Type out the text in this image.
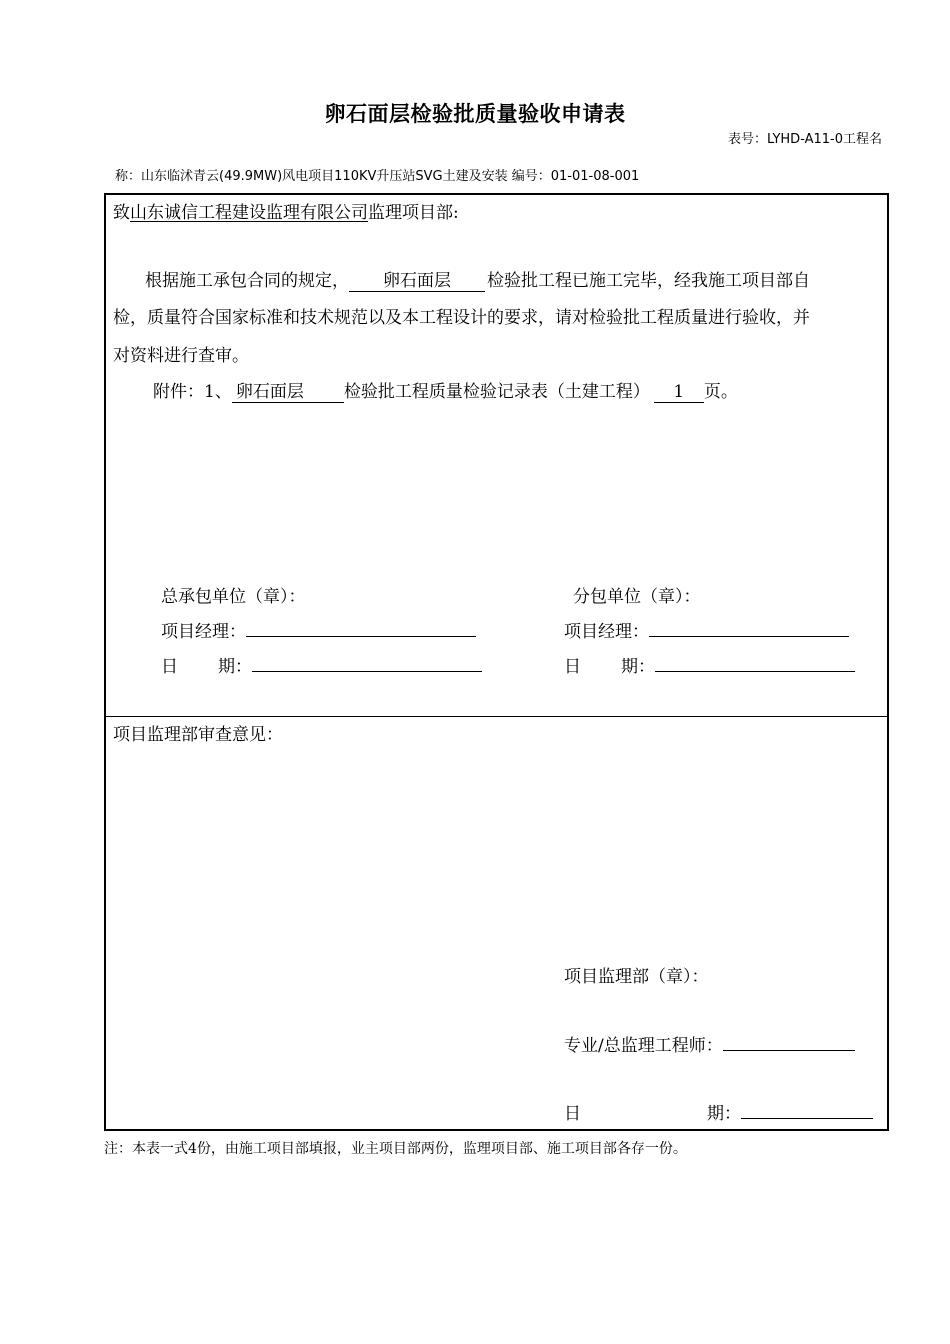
卵石面层检验批质量验收申请表
表号：LYHD-A11-0工程名
称：山东临沭青云(49.9MW)风电项目110KV升压站SVG土建及安装 编号：01-01-08-001
致山东诚信工程建设监理有限公司监理项目部:
根据施工承包合同的规定， 卵石面层 检验批工程已施工完毕，经我施工项目部自
检，质量符合国家标准和技术规范以及本工程设计的要求，请对检验批工程质量进行验收，并
对资料进行查审。
附件：1、 卵石面层 检验批工程质量检验记录表（土建工程） 1 页。
总承包单位（章）：
项目经理：
日 期：
分包单位（章）：
项目经理：
日 期：
项目监理部审查意见：
项目监理部（章）：
专业/总监理工程师：
日	期：
注：本表一式4份，由施工项目部填报，业主项目部两份，监理项目部、施工项目部各存一份。
